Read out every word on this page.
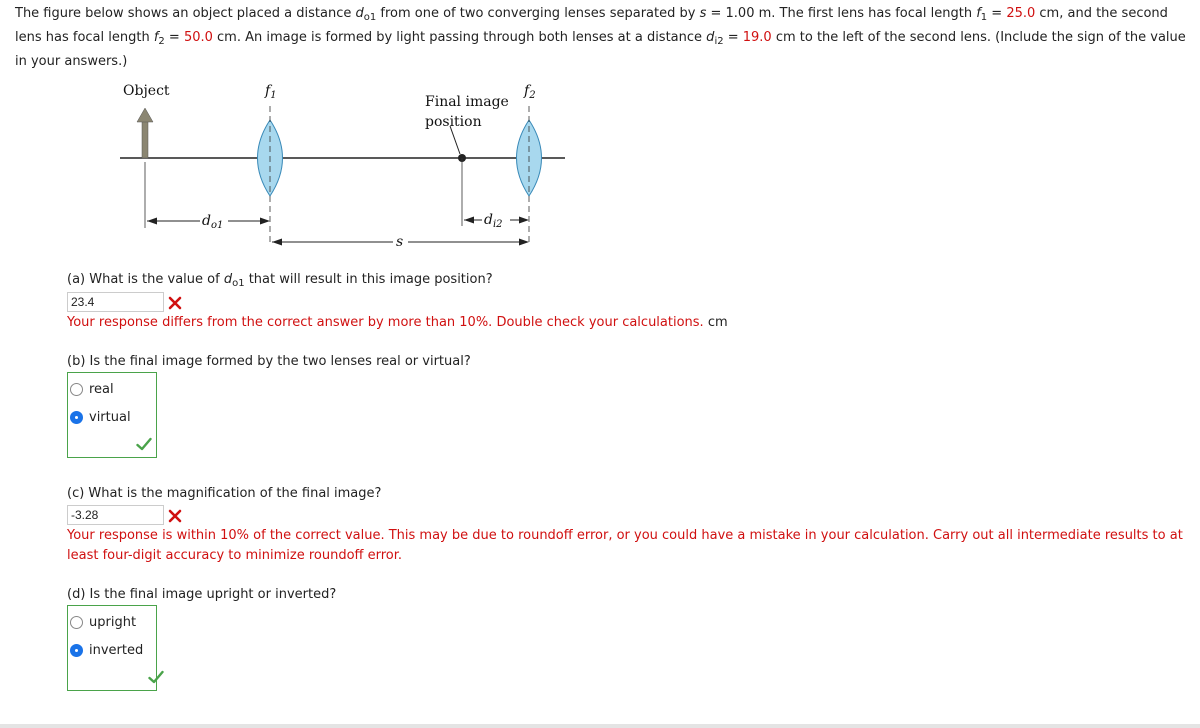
The figure below shows an object placed a distance $d_{o1}$ from one of two converging lenses separated by s = 1.00 m. The first lens has focal length $f_1 = 25.0$ cm, and the second lens has focal length $f_2 = 50.0$ cm. An image is formed by light passing through both lenses at a distance $d_{i2} = 19.0$ cm to the left of the second lens. (Include the sign of the value in your answers.)
Object	$f_1$	$f_2$
Final image
position
$d_{o1}$	$d_{i2}$
s
(a) What is the value of $d_{o1}$ that will result in this image position?
23.4
Your response differs from the correct answer by more than 10%. Double check your calculations. cm
(b) Is the final image formed by the two lenses real or virtual?
real
virtual
(c) What is the magnification of the final image?
-3.28
Your response is within 10% of the correct value. This may be due to roundoff error, or you could have a mistake in your calculation. Carry out all intermediate results to at least four-digit accuracy to minimize roundoff error.
(d) Is the final image upright or inverted?
upright
inverted
